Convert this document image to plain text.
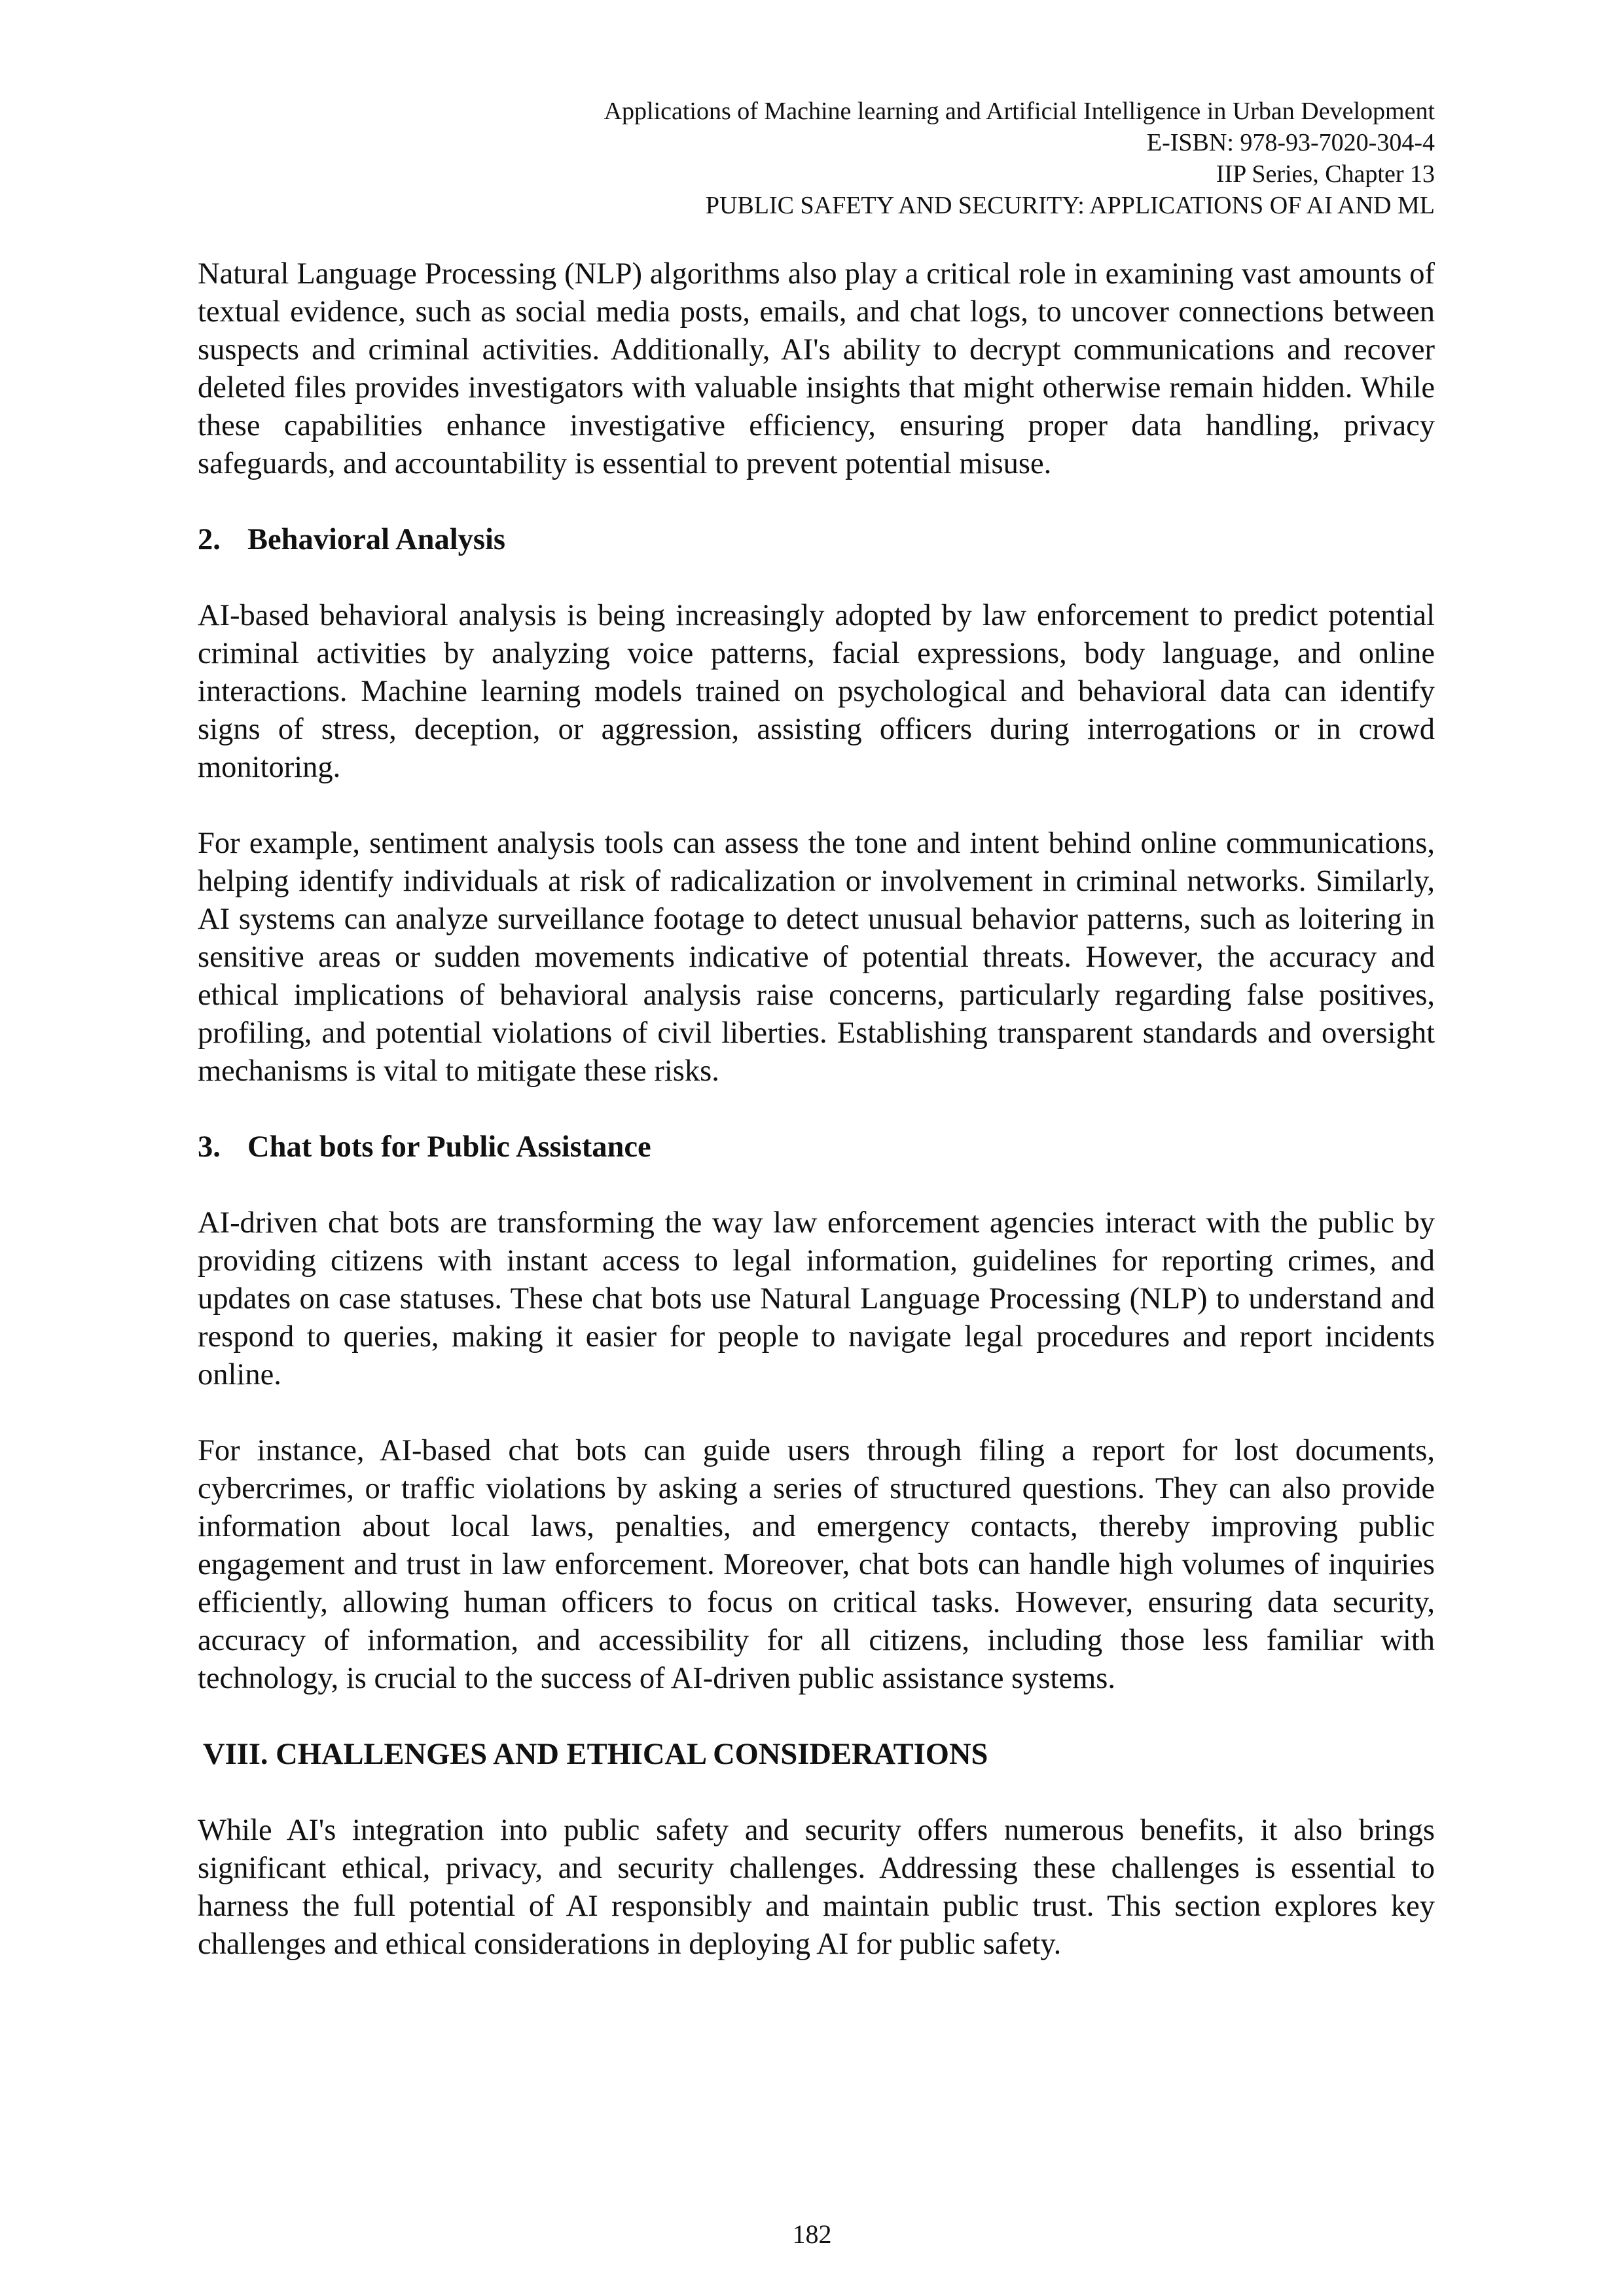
Applications of Machine learning and Artificial Intelligence in Urban Development
E-ISBN: 978-93-7020-304-4
IIP Series, Chapter 13
PUBLIC SAFETY AND SECURITY: APPLICATIONS OF AI AND ML

Natural Language Processing (NLP) algorithms also play a critical role in examining vast amounts of textual evidence, such as social media posts, emails, and chat logs, to uncover connections between suspects and criminal activities. Additionally, AI's ability to decrypt communications and recover deleted files provides investigators with valuable insights that might otherwise remain hidden. While these capabilities enhance investigative efficiency, ensuring proper data handling, privacy safeguards, and accountability is essential to prevent potential misuse.

2. Behavioral Analysis

AI-based behavioral analysis is being increasingly adopted by law enforcement to predict potential criminal activities by analyzing voice patterns, facial expressions, body language, and online interactions. Machine learning models trained on psychological and behavioral data can identify signs of stress, deception, or aggression, assisting officers during interrogations or in crowd monitoring.

For example, sentiment analysis tools can assess the tone and intent behind online communications, helping identify individuals at risk of radicalization or involvement in criminal networks. Similarly, AI systems can analyze surveillance footage to detect unusual behavior patterns, such as loitering in sensitive areas or sudden movements indicative of potential threats. However, the accuracy and ethical implications of behavioral analysis raise concerns, particularly regarding false positives, profiling, and potential violations of civil liberties. Establishing transparent standards and oversight mechanisms is vital to mitigate these risks.

3. Chat bots for Public Assistance

AI-driven chat bots are transforming the way law enforcement agencies interact with the public by providing citizens with instant access to legal information, guidelines for reporting crimes, and updates on case statuses. These chat bots use Natural Language Processing (NLP) to understand and respond to queries, making it easier for people to navigate legal procedures and report incidents online.

For instance, AI-based chat bots can guide users through filing a report for lost documents, cybercrimes, or traffic violations by asking a series of structured questions. They can also provide information about local laws, penalties, and emergency contacts, thereby improving public engagement and trust in law enforcement. Moreover, chat bots can handle high volumes of inquiries efficiently, allowing human officers to focus on critical tasks. However, ensuring data security, accuracy of information, and accessibility for all citizens, including those less familiar with technology, is crucial to the success of AI-driven public assistance systems.

VIII. CHALLENGES AND ETHICAL CONSIDERATIONS

While AI's integration into public safety and security offers numerous benefits, it also brings significant ethical, privacy, and security challenges. Addressing these challenges is essential to harness the full potential of AI responsibly and maintain public trust. This section explores key challenges and ethical considerations in deploying AI for public safety.

182
